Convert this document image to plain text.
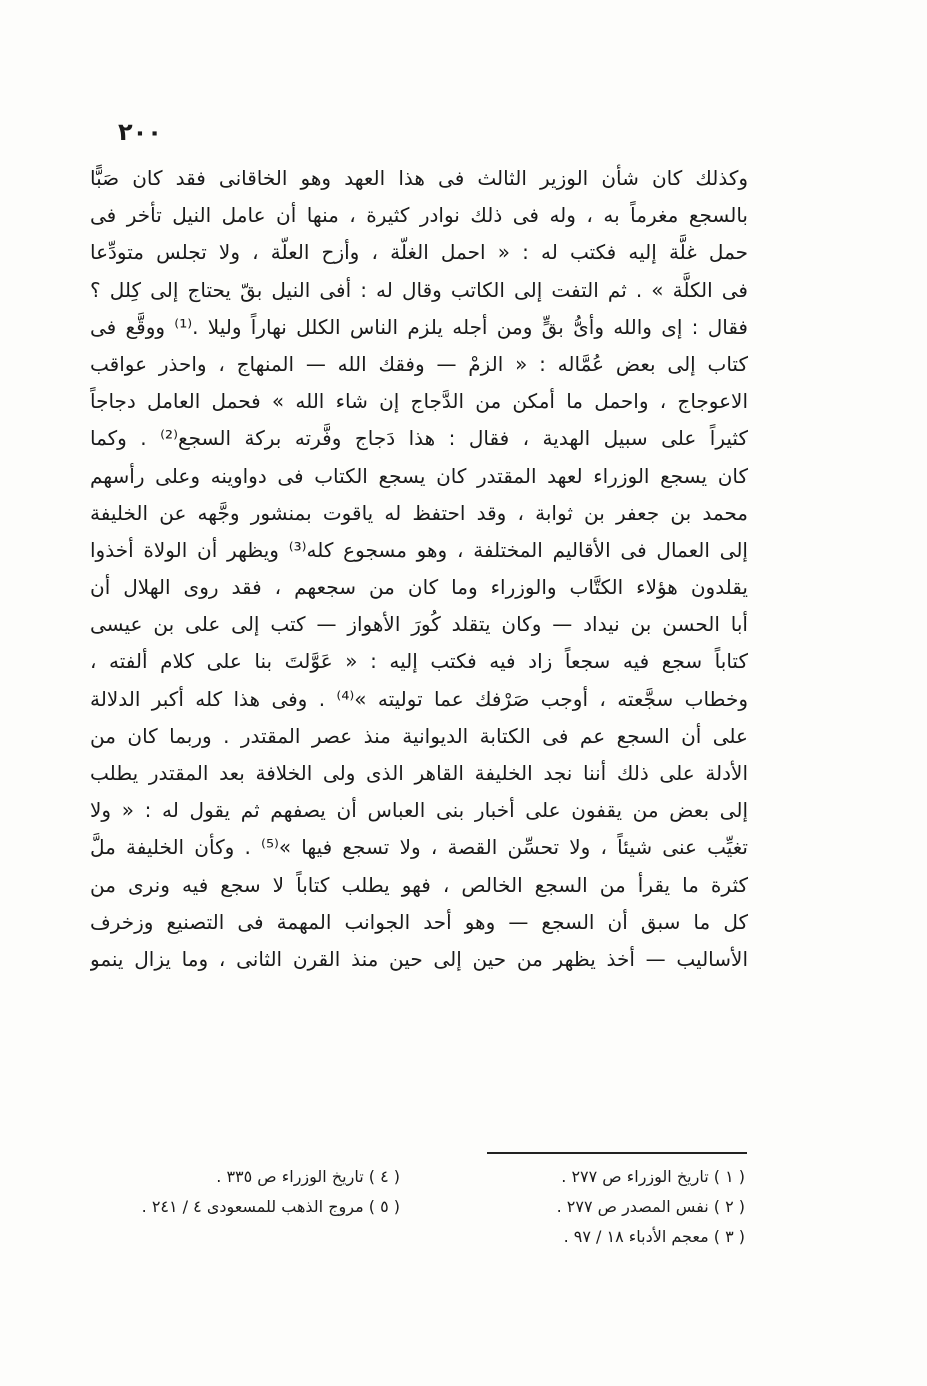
٢٠٠
وكذلك كان شأن الوزير الثالث فى هذا العهد وهو الخاقانى فقد كان صَبًّا
بالسجع مغرماً به ، وله فى ذلك نوادر كثيرة ، منها أن عامل النيل تأخر فى
حمل غلَّة إليه فكتب له : « احمل الغلّة ، وأزح العلّة ، ولا تجلس متودِّعا
فى الكلَّة » . ثم التفت إلى الكاتب وقال له : أفى النيل بقّ يحتاج إلى كِلل ؟
فقال : إى والله وأىُّ بقٍّ ومن أجله يلزم الناس الكلل نهاراً وليلا .⁽¹⁾ ووقَّع فى
كتاب إلى بعض عُمَّاله : « الزمْ — وفقك الله — المنهاج ، واحذر عواقب
الاعوجاج ، واحمل ما أمكن من الدَّجاج إن شاء الله » فحمل العامل دجاجاً
كثيراً على سبيل الهدية ، فقال : هذا دَجاج وفَّرته بركة السجع⁽²⁾ . وكما
كان يسجع الوزراء لعهد المقتدر كان يسجع الكتاب فى دواوينه وعلى رأسهم
محمد بن جعفر بن ثوابة ، وقد احتفظ له ياقوت بمنشور وجَّهه عن الخليفة
إلى العمال فى الأقاليم المختلفة ، وهو مسجوع كله⁽³⁾ ويظهر أن الولاة أخذوا
يقلدون هؤلاء الكتَّاب والوزراء وما كان من سجعهم ، فقد روى الهلال أن
أبا الحسن بن نيداد — وكان يتقلد كُورَ الأهواز — كتب إلى على بن عيسى
كتاباً سجع فيه سجعاً زاد فيه فكتب إليه : « عَوَّلتَ بنا على كلام ألفته ،
وخطاب سجَّعته ، أوجب صَرْفك عما توليته »⁽⁴⁾ . وفى هذا كله أكبر الدلالة
على أن السجع عم فى الكتابة الديوانية منذ عصر المقتدر . وربما كان من
الأدلة على ذلك أننا نجد الخليفة القاهر الذى ولى الخلافة بعد المقتدر يطلب
إلى بعض من يقفون على أخبار بنى العباس أن يصفهم ثم يقول له : « ولا
تغيِّب عنى شيئاً ، ولا تحسِّن القصة ، ولا تسجع فيها »⁽⁵⁾ . وكأن الخليفة ملَّ
كثرة ما يقرأ من السجع الخالص ، فهو يطلب كتاباً لا سجع فيه ونرى من
كل ما سبق أن السجع — وهو أحد الجوانب المهمة فى التصنيع وزخرف
الأساليب — أخذ يظهر من حين إلى حين منذ القرن الثانى ، وما يزال ينمو
( ١ ) تاريخ الوزراء ص ٢٧٧ .
( ٢ ) نفس المصدر ص ٢٧٧ .
( ٣ ) معجم الأدباء ١٨ / ٩٧ .
( ٤ ) تاريخ الوزراء ص ٣٣٥ .
( ٥ ) مروج الذهب للمسعودى ٤ / ٢٤١ .
